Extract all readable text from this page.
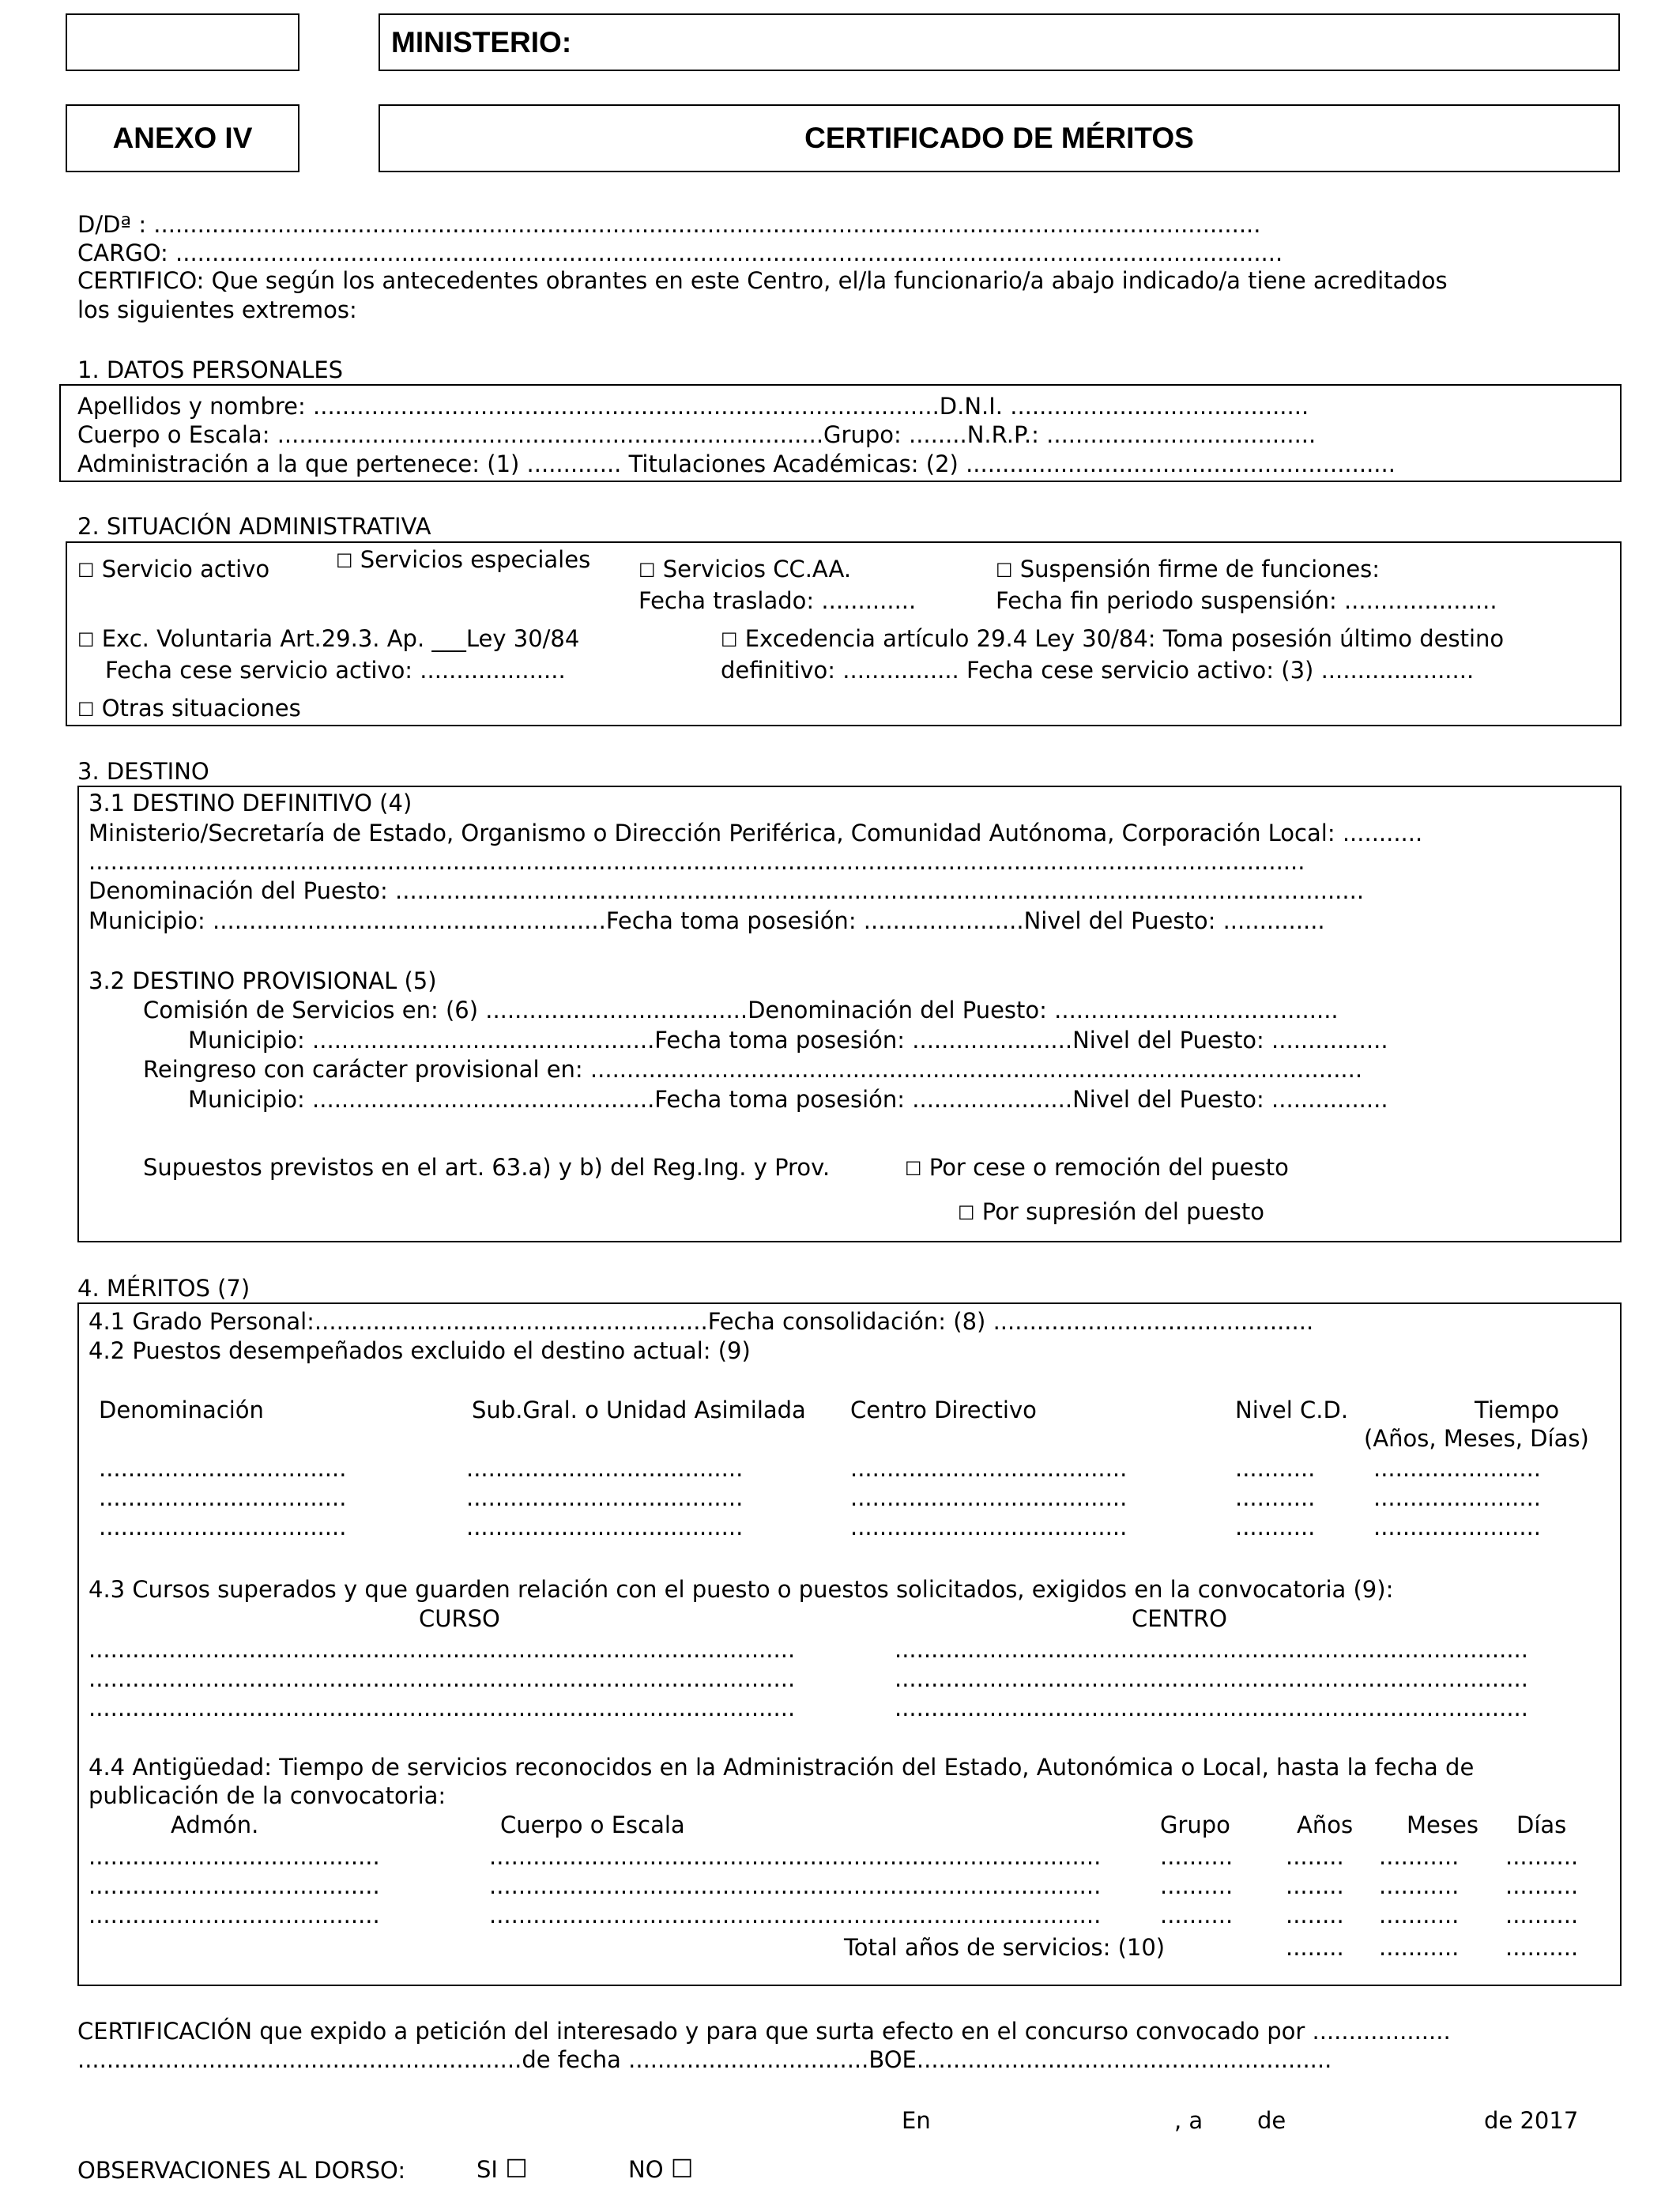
MINISTERIO:
ANEXO IV	CERTIFICADO DE MÉRITOS
D/Dª : ........................................................................................................................................................
CARGO: ........................................................................................................................................................
CERTIFICO: Que según los antecedentes obrantes en este Centro, el/la funcionario/a abajo indicado/a tiene acreditados
los siguientes extremos:
1. DATOS PERSONALES
Apellidos y nombre: ......................................................................................D.N.I. .........................................
Cuerpo o Escala: ...........................................................................Grupo: ........N.R.P.: .....................................
Administración a la que pertenece: (1) ............. Titulaciones Académicas: (2) ...........................................................
2. SITUACIÓN ADMINISTRATIVA
☐ Servicio activo	☐ Servicios especiales	☐ Servicios CC.AA.
Fecha traslado: .............
☐ Suspensión firme de funciones:
Fecha fin periodo suspensión: .....................
☐ Exc. Voluntaria Art.29.3. Ap. ___Ley 30/84
Fecha cese servicio activo: ....................
☐ Excedencia artículo 29.4 Ley 30/84: Toma posesión último destino
definitivo: ................ Fecha cese servicio activo: (3) .....................
☐ Otras situaciones
3. DESTINO
3.1 DESTINO DEFINITIVO (4)
Ministerio/Secretaría de Estado, Organismo o Dirección Periférica, Comunidad Autónoma, Corporación Local: ...........
.......................................................................................................................................................................
Denominación del Puesto: .....................................................................................................................................
Municipio: ......................................................Fecha toma posesión: ......................Nivel del Puesto: ..............
3.2 DESTINO PROVISIONAL (5)
Comisión de Servicios en: (6) ....................................Denominación del Puesto: .......................................
Municipio: ...............................................Fecha toma posesión: ......................Nivel del Puesto: ................
Reingreso con carácter provisional en: ..........................................................................................................
Municipio: ...............................................Fecha toma posesión: ......................Nivel del Puesto: ................
Supuestos previstos en el art. 63.a) y b) del Reg.Ing. y Prov.	☐ Por cese o remoción del puesto
☐ Por supresión del puesto
4. MÉRITOS (7)
4.1 Grado Personal:......................................................Fecha consolidación: (8) ............................................
4.2 Puestos desempeñados excluido el destino actual: (9)
Denominación	Sub.Gral. o Unidad Asimilada Centro Directivo	Nivel C.D.	Tiempo
(Años, Meses, Días)
..................................	......................................	......................................	...........	.......................
..................................	......................................	......................................	...........	.......................
..................................	......................................	......................................	...........	.......................
4.3 Cursos superados y que guarden relación con el puesto o puestos solicitados, exigidos en la convocatoria (9):
CURSO	CENTRO
.................................................................................................	.......................................................................................
.................................................................................................	.......................................................................................
.................................................................................................	.......................................................................................
4.4 Antigüedad: Tiempo de servicios reconocidos en la Administración del Estado, Autonómica o Local, hasta la fecha de
publicación de la convocatoria:
Admón.	Cuerpo o Escala	Grupo	Años Meses Días
........................................	....................................................................................	.......... ........ ........... ..........
........................................	....................................................................................	.......... ........ ........... ..........
........................................	....................................................................................	.......... ........ ........... ..........
Total años de servicios: (10)	........ ........... ..........
CERTIFICACIÓN que expido a petición del interesado y para que surta efecto en el concurso convocado por ...................
.............................................................de fecha .................................BOE.........................................................
En	, a de	de 2017
OBSERVACIONES AL DORSO:	SI ☐	NO ☐
